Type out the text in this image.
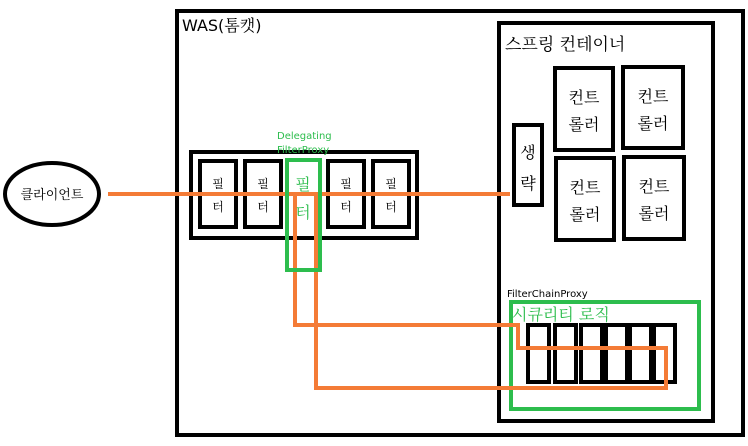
WAS(톰캣)
스프링 컨테이너
클라이언트
필
터
필
터
필
터
필
터
컨트
롤러
컨트
롤러
컨트
롤러
컨트
롤러
생
략
FilterChainProxy
시큐리티 로직
필
터
Delegating
FilterProxy
